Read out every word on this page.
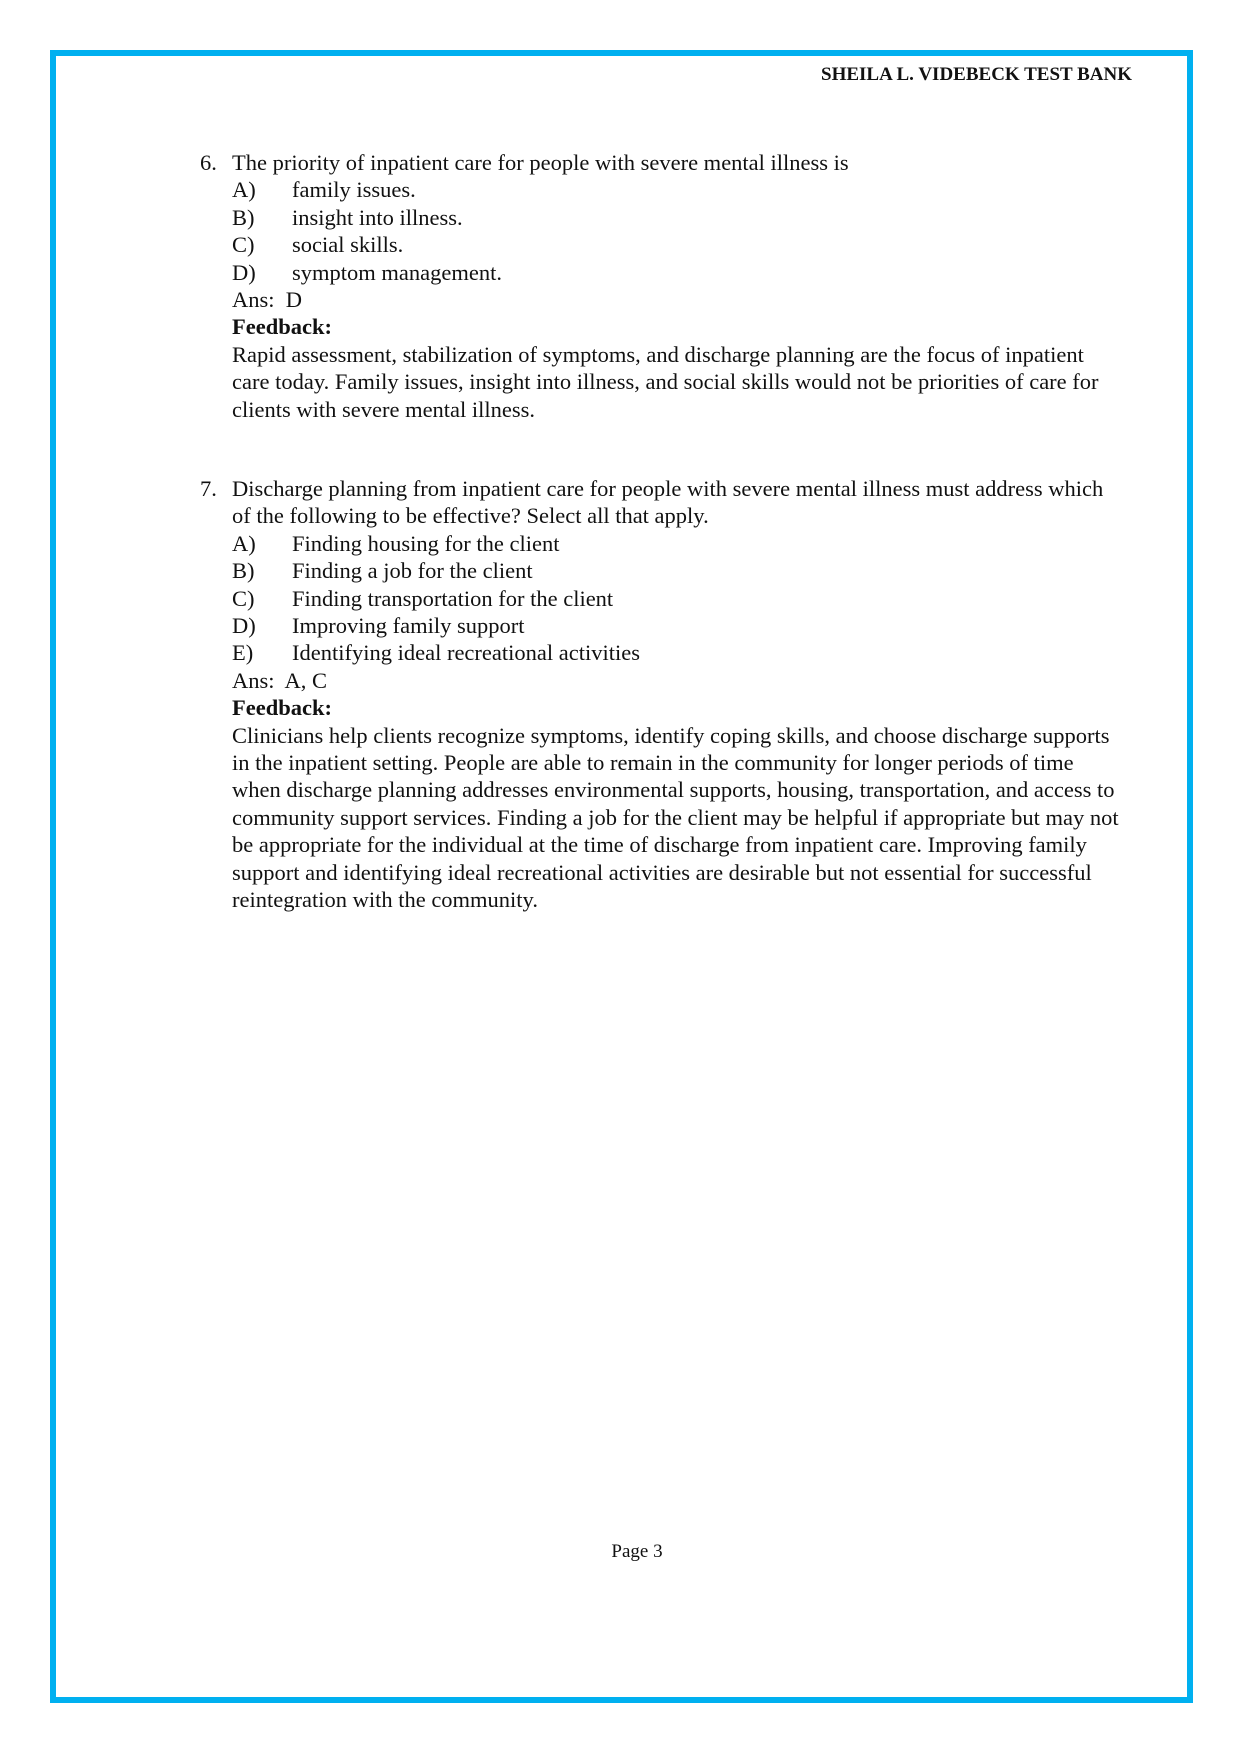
SHEILA L. VIDEBECK TEST BANK
6. The priority of inpatient care for people with severe mental illness is
A)	family issues.
B)	insight into illness.
C)	social skills.
D)	symptom management.
Ans:  D
Feedback:
Rapid assessment, stabilization of symptoms, and discharge planning are the focus of inpatient care today. Family issues, insight into illness, and social skills would not be priorities of care for clients with severe mental illness.
7. Discharge planning from inpatient care for people with severe mental illness must address which of the following to be effective? Select all that apply.
A)	Finding housing for the client
B)	Finding a job for the client
C)	Finding transportation for the client
D)	Improving family support
E)	Identifying ideal recreational activities
Ans:  A, C
Feedback:
Clinicians help clients recognize symptoms, identify coping skills, and choose discharge supports in the inpatient setting. People are able to remain in the community for longer periods of time when discharge planning addresses environmental supports, housing, transportation, and access to community support services. Finding a job for the client may be helpful if appropriate but may not be appropriate for the individual at the time of discharge from inpatient care. Improving family support and identifying ideal recreational activities are desirable but not essential for successful reintegration with the community.
Page 3
